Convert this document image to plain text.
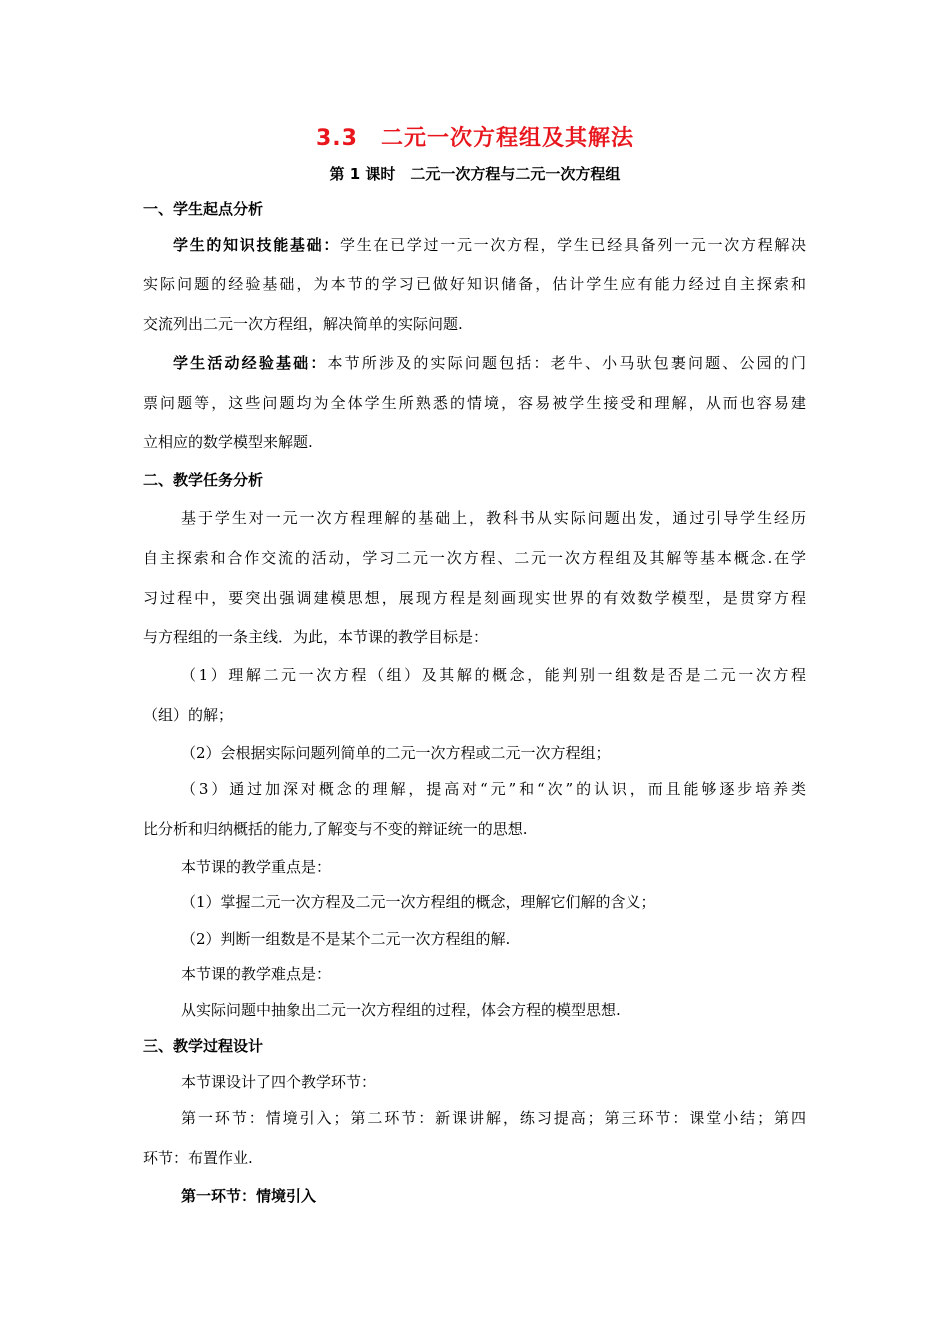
3.3　二元一次方程组及其解法
第 1 课时　二元一次方程与二元一次方程组
一、学生起点分析
学生的知识技能基础：学生在已学过一元一次方程，学生已经具备列一元一次方程解决
实际问题的经验基础，为本节的学习已做好知识储备，估计学生应有能力经过自主探索和
交流列出二元一次方程组，解决简单的实际问题.
学生活动经验基础：本节所涉及的实际问题包括：老牛、小马驮包裹问题、公园的门
票问题等，这些问题均为全体学生所熟悉的情境，容易被学生接受和理解，从而也容易建
立相应的数学模型来解题.
二、教学任务分析
基于学生对一元一次方程理解的基础上，教科书从实际问题出发，通过引导学生经历
自主探索和合作交流的活动，学习二元一次方程、二元一次方程组及其解等基本概念.在学
习过程中，要突出强调建模思想，展现方程是刻画现实世界的有效数学模型，是贯穿方程
与方程组的一条主线．为此，本节课的教学目标是：
（1）理解二元一次方程（组）及其解的概念，能判别一组数是否是二元一次方程
（组）的解；
（2）会根据实际问题列简单的二元一次方程或二元一次方程组；
（3）通过加深对概念的理解，提高对“元”和“次”的认识，而且能够逐步培养类
比分析和归纳概括的能力,了解变与不变的辩证统一的思想.
本节课的教学重点是：
（1）掌握二元一次方程及二元一次方程组的概念，理解它们解的含义；
（2）判断一组数是不是某个二元一次方程组的解.
本节课的教学难点是：
从实际问题中抽象出二元一次方程组的过程，体会方程的模型思想.
三、教学过程设计
本节课设计了四个教学环节：
第一环节：情境引入；第二环节：新课讲解，练习提高；第三环节：课堂小结；第四
环节：布置作业.
第一环节：情境引入
